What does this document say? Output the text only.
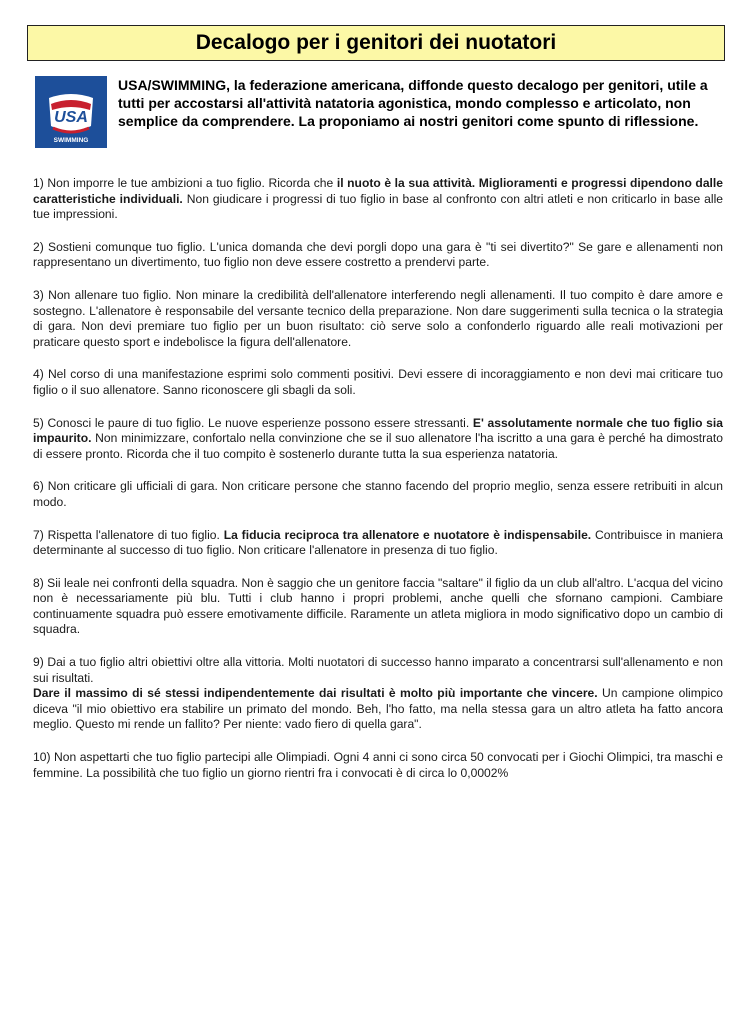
Decalogo per i genitori dei nuotatori
USA
SWIMMING
USA/SWIMMING, la federazione americana, diffonde questo decalogo per genitori, utile a tutti per accostarsi all'attività natatoria agonistica, mondo complesso e articolato, non semplice da comprendere. La proponiamo ai nostri genitori come spunto di riflessione.

1) Non imporre le tue ambizioni a tuo figlio. Ricorda che il nuoto è la sua attività. Miglioramenti e progressi dipendono dalle caratteristiche individuali. Non giudicare i progressi di tuo figlio in base al confronto con altri atleti e non criticarlo in base alle tue impressioni.

2) Sostieni comunque tuo figlio. L'unica domanda che devi porgli dopo una gara è "ti sei divertito?" Se gare e allenamenti non rappresentano un divertimento, tuo figlio non deve essere costretto a prendervi parte.

3) Non allenare tuo figlio. Non minare la credibilità dell'allenatore interferendo negli allenamenti. Il tuo compito è dare amore e sostegno. L'allenatore è responsabile del versante tecnico della preparazione. Non dare suggerimenti sulla tecnica o la strategia di gara. Non devi premiare tuo figlio per un buon risultato: ciò serve solo a confonderlo riguardo alle reali motivazioni per praticare questo sport e indebolisce la figura dell'allenatore.

4) Nel corso di una manifestazione esprimi solo commenti positivi. Devi essere di incoraggiamento e non devi mai criticare tuo figlio o il suo allenatore. Sanno riconoscere gli sbagli da soli.

5) Conosci le paure di tuo figlio. Le nuove esperienze possono essere stressanti. E' assolutamente normale che tuo figlio sia impaurito. Non minimizzare, confortalo nella convinzione che se il suo allenatore l'ha iscritto a una gara è perché ha dimostrato di essere pronto. Ricorda che il tuo compito è sostenerlo durante tutta la sua esperienza natatoria.

6) Non criticare gli ufficiali di gara. Non criticare persone che stanno facendo del proprio meglio, senza essere retribuiti in alcun modo.

7) Rispetta l'allenatore di tuo figlio. La fiducia reciproca tra allenatore e nuotatore è indispensabile. Contribuisce in maniera determinante al successo di tuo figlio. Non criticare l'allenatore in presenza di tuo figlio.

8) Sii leale nei confronti della squadra. Non è saggio che un genitore faccia "saltare" il figlio da un club all'altro. L'acqua del vicino non è necessariamente più blu. Tutti i club hanno i propri problemi, anche quelli che sfornano campioni. Cambiare continuamente squadra può essere emotivamente difficile. Raramente un atleta migliora in modo significativo dopo un cambio di squadra.

9) Dai a tuo figlio altri obiettivi oltre alla vittoria. Molti nuotatori di successo hanno imparato a concentrarsi sull'allenamento e non sui risultati.
Dare il massimo di sé stessi indipendentemente dai risultati è molto più importante che vincere. Un campione olimpico diceva "il mio obiettivo era stabilire un primato del mondo. Beh, l'ho fatto, ma nella stessa gara un altro atleta ha fatto ancora meglio. Questo mi rende un fallito? Per niente: vado fiero di quella gara".

10) Non aspettarti che tuo figlio partecipi alle Olimpiadi. Ogni 4 anni ci sono circa 50 convocati per i Giochi Olimpici, tra maschi e femmine. La possibilità che tuo figlio un giorno rientri fra i convocati è di circa lo 0,0002%
